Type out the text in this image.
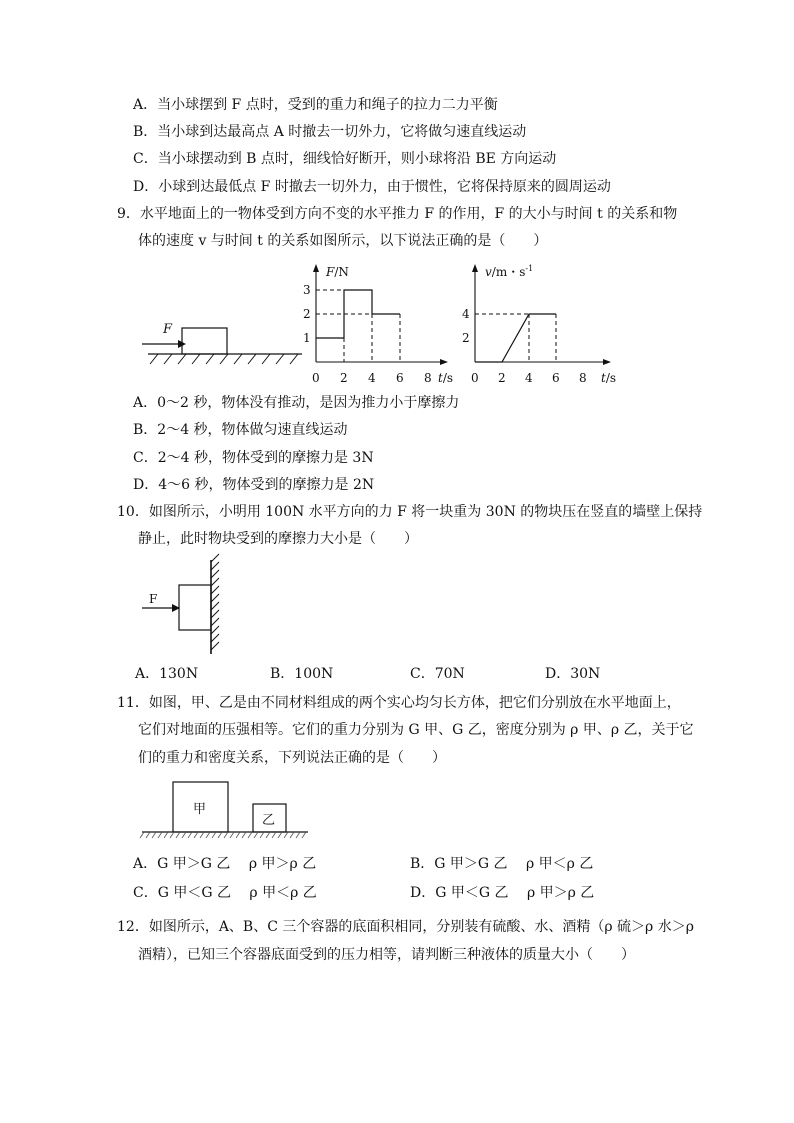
A．当小球摆到 F 点时，受到的重力和绳子的拉力二力平衡
B．当小球到达最高点 A 时撤去一切外力，它将做匀速直线运动
C．当小球摆动到 B 点时，细线恰好断开，则小球将沿 BE 方向运动
D．小球到达最低点 F 时撤去一切外力，由于惯性，它将保持原来的圆周运动
9．水平地面上的一物体受到方向不变的水平推力 F 的作用，F 的大小与时间 t 的关系和物
体的速度 v 与时间 t 的关系如图所示，以下说法正确的是（　　）
F
F/N
t/s
0 2 4 6 8
1
2
3
v/m・$s^{-1}$
t/s
0 2 4 6 8
2
4
A．0～2 秒，物体没有推动，是因为推力小于摩擦力
B．2～4 秒，物体做匀速直线运动
C．2～4 秒，物体受到的摩擦力是 3N
D．4～6 秒，物体受到的摩擦力是 2N
10．如图所示，小明用 100N 水平方向的力 F 将一块重为 30N 的物块压在竖直的墙壁上保持
静止，此时物块受到的摩擦力大小是（　　）
F
A．130N	B．100N	C．70N	D．30N
11．如图，甲、乙是由不同材料组成的两个实心均匀长方体，把它们分别放在水平地面上，
它们对地面的压强相等。它们的重力分别为 G 甲、G 乙，密度分别为 ρ 甲、ρ 乙，关于它
们的重力和密度关系，下列说法正确的是（　　）
甲
乙
A．G 甲＞G 乙　 ρ 甲＞ρ 乙	B．G 甲＞G 乙　 ρ 甲＜ρ 乙
C．G 甲＜G 乙　 ρ 甲＜ρ 乙	D．G 甲＜G 乙　 ρ 甲＞ρ 乙
12．如图所示，A、B、C 三个容器的底面积相同，分别装有硫酸、水、酒精（ρ 硫＞ρ 水＞ρ
酒精），已知三个容器底面受到的压力相等，请判断三种液体的质量大小（　　）
